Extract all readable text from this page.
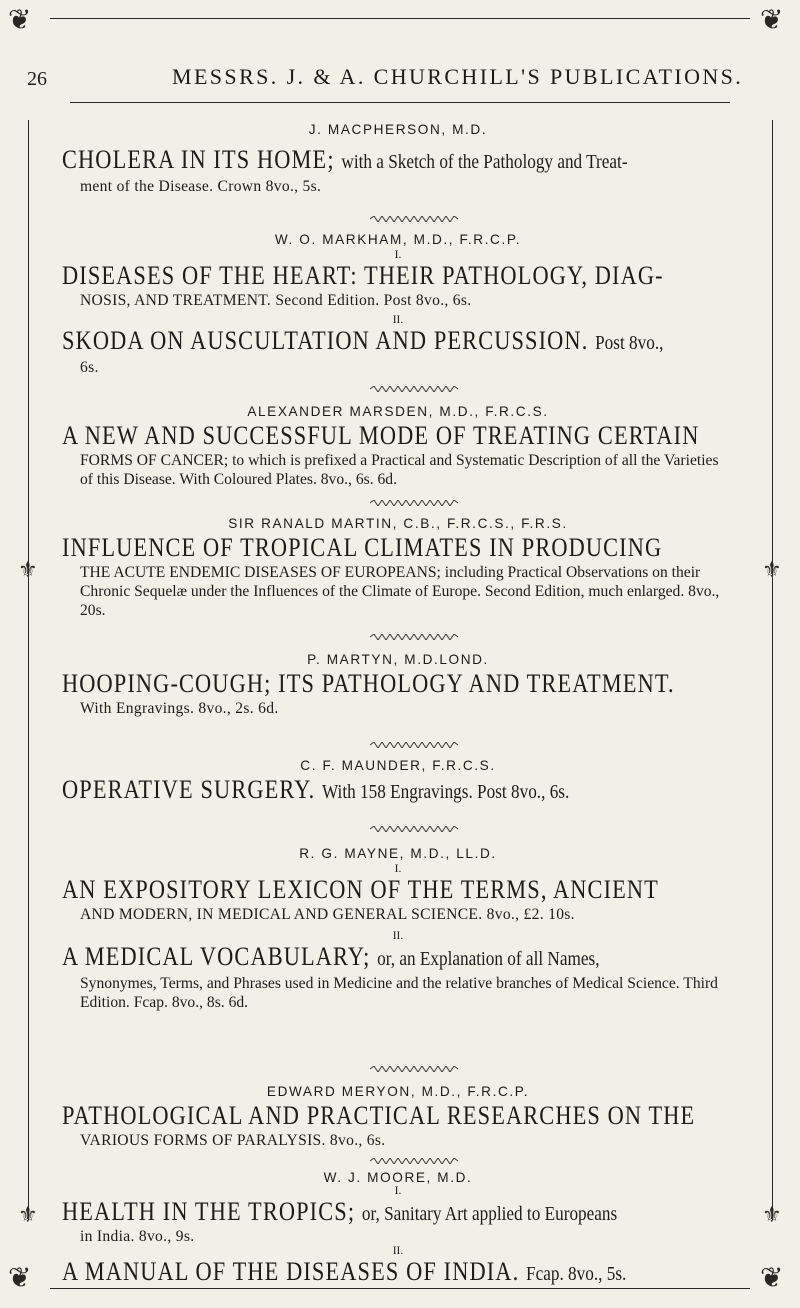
❦	❦
❦	❦
⚜	⚜
⚜	⚜
26	MESSRS. J. & A. CHURCHILL'S PUBLICATIONS.
J. MACPHERSON, M.D.
CHOLERA IN ITS HOME; with a Sketch of the Pathology and Treat-
ment of the Disease. Crown 8vo., 5s.
W. O. MARKHAM, M.D., F.R.C.P.
I.
DISEASES OF THE HEART: THEIR PATHOLOGY, DIAG-
NOSIS, AND TREATMENT. Second Edition. Post 8vo., 6s.
II.
SKODA ON AUSCULTATION AND PERCUSSION. Post 8vo.,
6s.
ALEXANDER MARSDEN, M.D., F.R.C.S.
A NEW AND SUCCESSFUL MODE OF TREATING CERTAIN
FORMS OF CANCER; to which is prefixed a Practical and Systematic Description of all the Varieties of this Disease. With Coloured Plates. 8vo., 6s. 6d.
SIR RANALD MARTIN, C.B., F.R.C.S., F.R.S.
INFLUENCE OF TROPICAL CLIMATES IN PRODUCING
THE ACUTE ENDEMIC DISEASES OF EUROPEANS; including Practical Observations on their Chronic Sequelæ under the Influences of the Climate of Europe. Second Edition, much enlarged. 8vo., 20s.
P. MARTYN, M.D.LOND.
HOOPING-COUGH; ITS PATHOLOGY AND TREATMENT.
With Engravings. 8vo., 2s. 6d.
C. F. MAUNDER, F.R.C.S.
OPERATIVE SURGERY. With 158 Engravings. Post 8vo., 6s.
R. G. MAYNE, M.D., LL.D.
I.
AN EXPOSITORY LEXICON OF THE TERMS, ANCIENT
AND MODERN, IN MEDICAL AND GENERAL SCIENCE. 8vo., £2. 10s.
II.
A MEDICAL VOCABULARY; or, an Explanation of all Names,
Synonymes, Terms, and Phrases used in Medicine and the relative branches of Medical Science. Third Edition. Fcap. 8vo., 8s. 6d.
EDWARD MERYON, M.D., F.R.C.P.
PATHOLOGICAL AND PRACTICAL RESEARCHES ON THE
VARIOUS FORMS OF PARALYSIS. 8vo., 6s.
W. J. MOORE, M.D.
I.
HEALTH IN THE TROPICS; or, Sanitary Art applied to Europeans
in India. 8vo., 9s.
II.
A MANUAL OF THE DISEASES OF INDIA. Fcap. 8vo., 5s.
